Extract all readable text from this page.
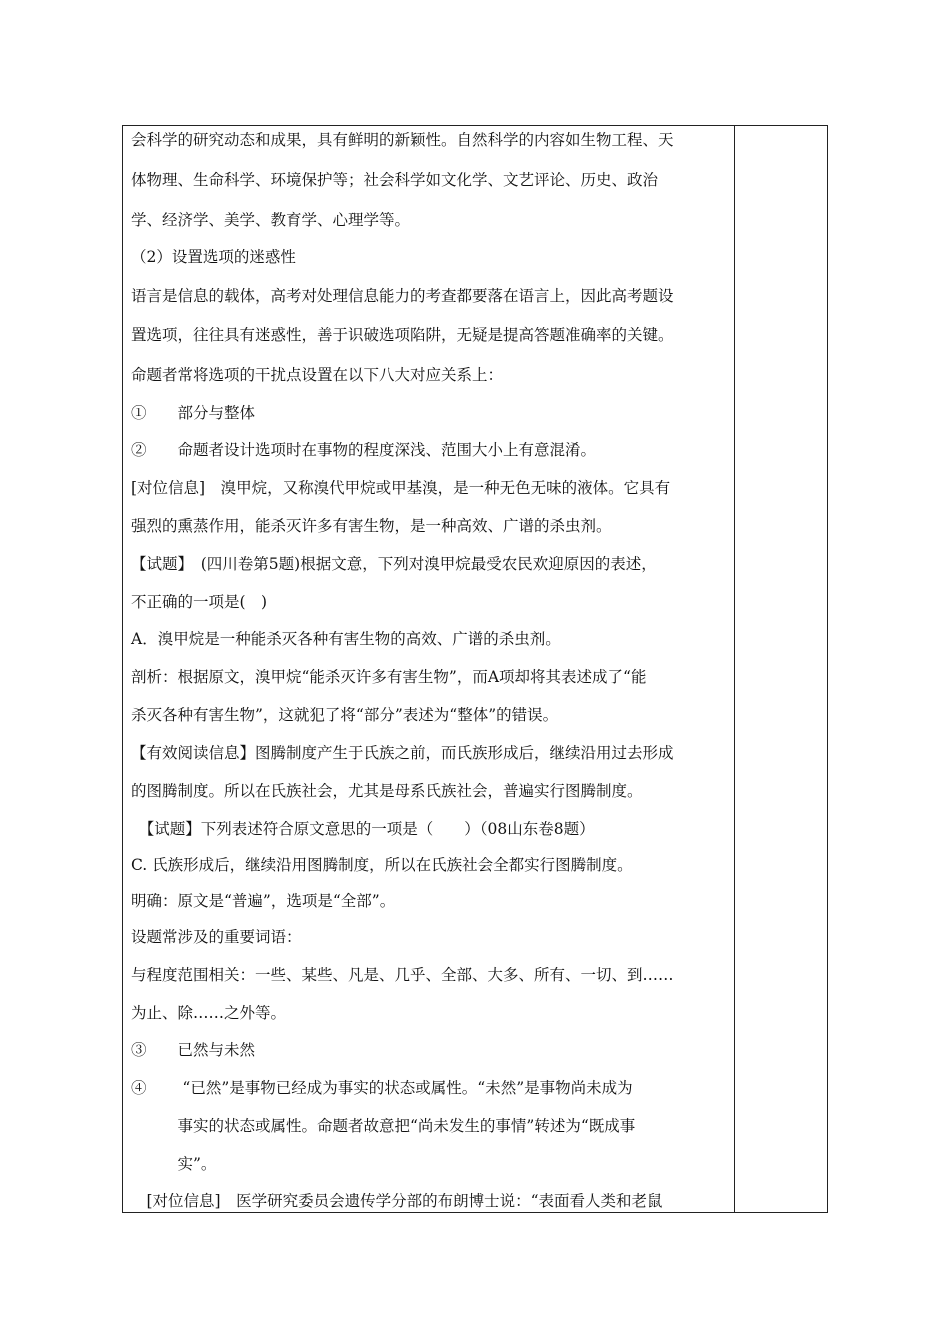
会科学的研究动态和成果，具有鲜明的新颖性。自然科学的内容如生物工程、天
体物理、生命科学、环境保护等；社会科学如文化学、文艺评论、历史、政治
学、经济学、美学、教育学、心理学等。
（2）设置选项的迷惑性
语言是信息的载体，高考对处理信息能力的考查都要落在语言上，因此高考题设
置选项，往往具有迷惑性，善于识破选项陷阱，无疑是提高答题准确率的关键。
命题者常将选项的干扰点设置在以下八大对应关系上：
①　　部分与整体
②　　命题者设计选项时在事物的程度深浅、范围大小上有意混淆。
[对位信息]　溴甲烷，又称溴代甲烷或甲基溴，是一种无色无味的液体。它具有
强烈的熏蒸作用，能杀灭许多有害生物，是一种高效、广谱的杀虫剂。
【试题】　(四川卷第5题)根据文意，下列对溴甲烷最受农民欢迎原因的表述，
不正确的一项是(　)
A．溴甲烷是一种能杀灭各种有害生物的高效、广谱的杀虫剂。
剖析：根据原文，溴甲烷“能杀灭许多有害生物”，而A项却将其表述成了“能
杀灭各种有害生物”，这就犯了将“部分”表述为“整体”的错误。
【有效阅读信息】图腾制度产生于氏族之前，而氏族形成后，继续沿用过去形成
的图腾制度。所以在氏族社会，尤其是母系氏族社会，普遍实行图腾制度。
　【试题】下列表述符合原文意思的一项是（　　）（08山东卷8题）
C. 氏族形成后，继续沿用图腾制度，所以在氏族社会全都实行图腾制度。
明确：原文是“普遍”，选项是“全部”。
设题常涉及的重要词语：
与程度范围相关：一些、某些、凡是、几乎、全部、大多、所有、一切、到……
为止、除……之外等。
③　　已然与未然
④　　 “已然”是事物已经成为事实的状态或属性。“未然”是事物尚未成为
　　　事实的状态或属性。命题者故意把“尚未发生的事情”转述为“既成事
　　　实”。
　[对位信息]　医学研究委员会遗传学分部的布朗博士说：“表面看人类和老鼠
